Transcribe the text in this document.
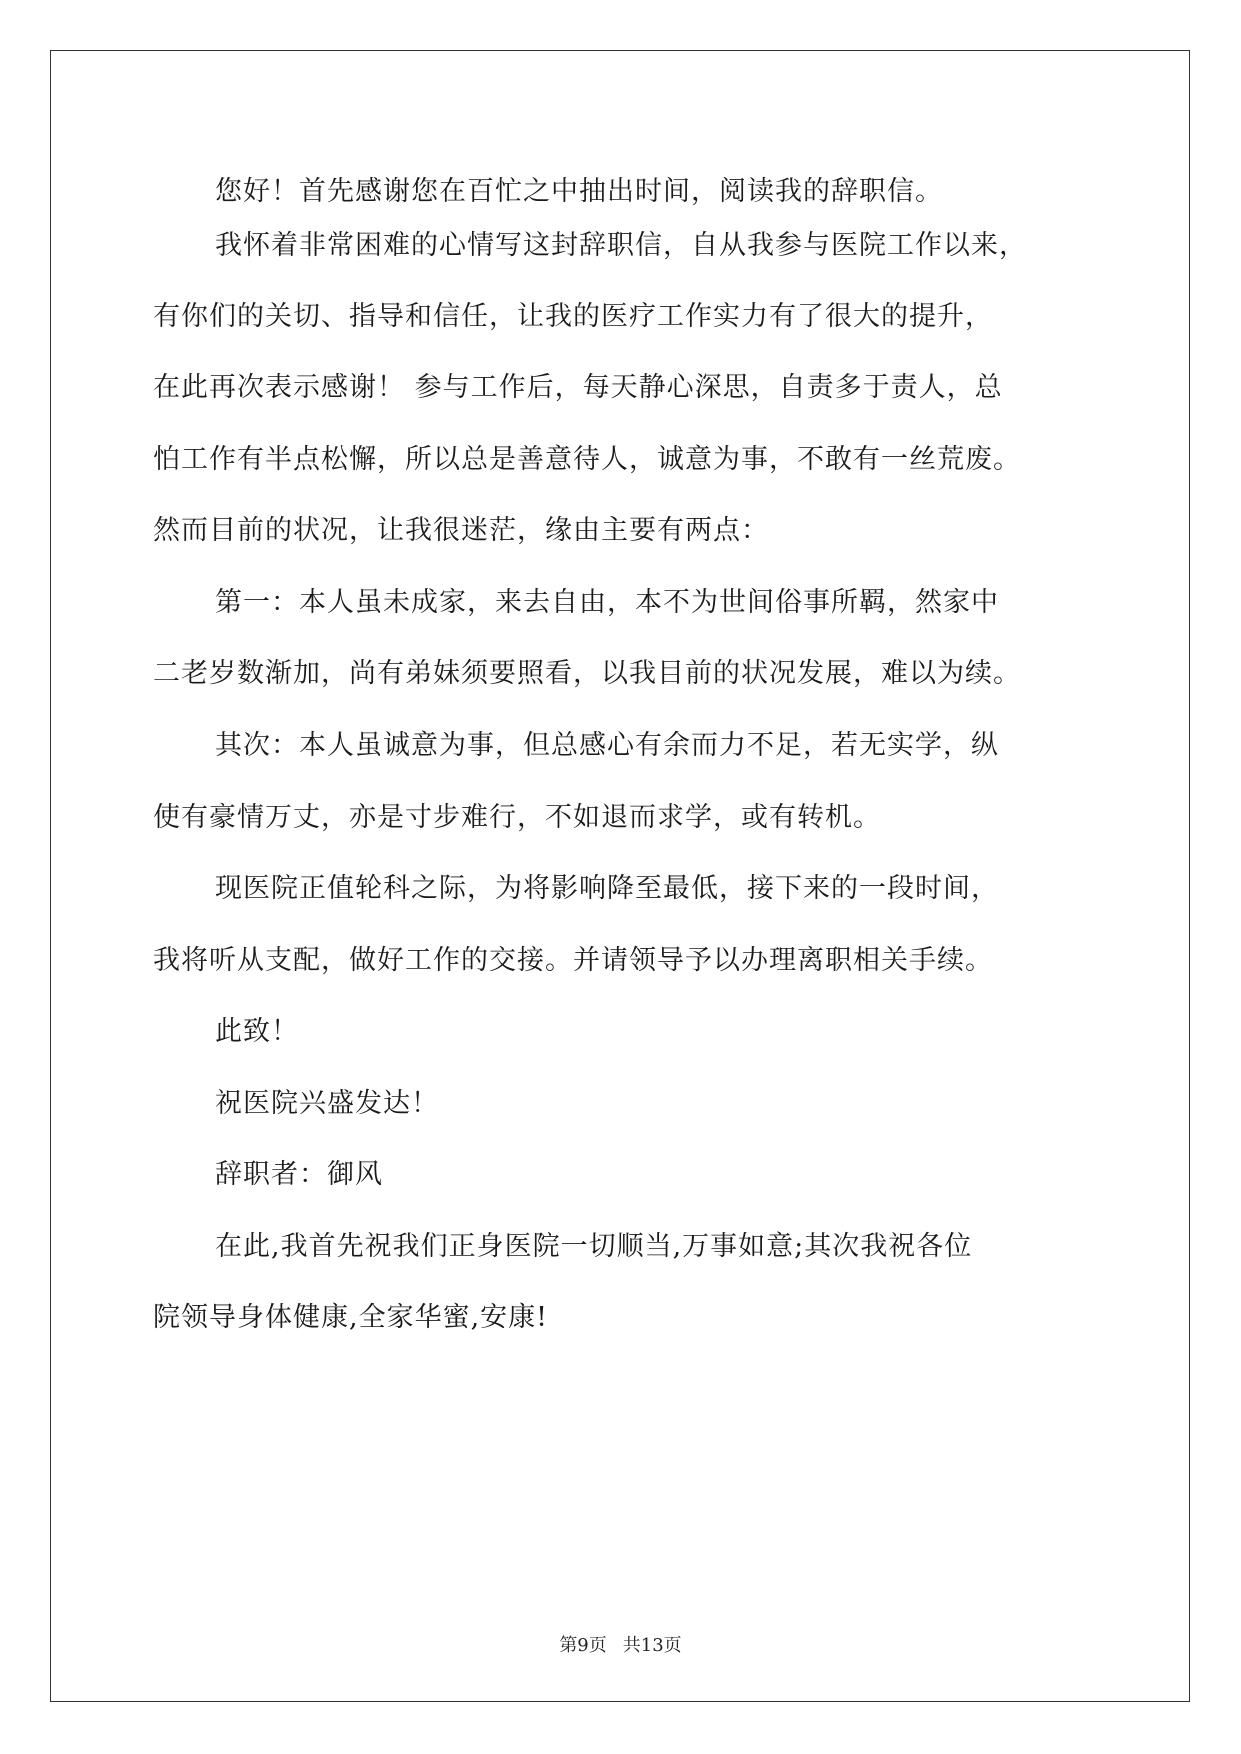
您好！首先感谢您在百忙之中抽出时间，阅读我的辞职信。
我怀着非常困难的心情写这封辞职信，自从我参与医院工作以来，
有你们的关切、指导和信任，让我的医疗工作实力有了很大的提升，
在此再次表示感谢！ 参与工作后，每天静心深思，自责多于责人，总
怕工作有半点松懈，所以总是善意待人，诚意为事，不敢有一丝荒废。
然而目前的状况，让我很迷茫，缘由主要有两点：
第一：本人虽未成家，来去自由，本不为世间俗事所羁，然家中
二老岁数渐加，尚有弟妹须要照看，以我目前的状况发展，难以为续。
其次：本人虽诚意为事，但总感心有余而力不足，若无实学，纵
使有豪情万丈，亦是寸步难行，不如退而求学，或有转机。
现医院正值轮科之际，为将影响降至最低，接下来的一段时间，
我将听从支配，做好工作的交接。并请领导予以办理离职相关手续。
此致！
祝医院兴盛发达！
辞职者：御风
在此,我首先祝我们正身医院一切顺当,万事如意;其次我祝各位
院领导身体健康,全家华蜜,安康!
第9页 共13页
